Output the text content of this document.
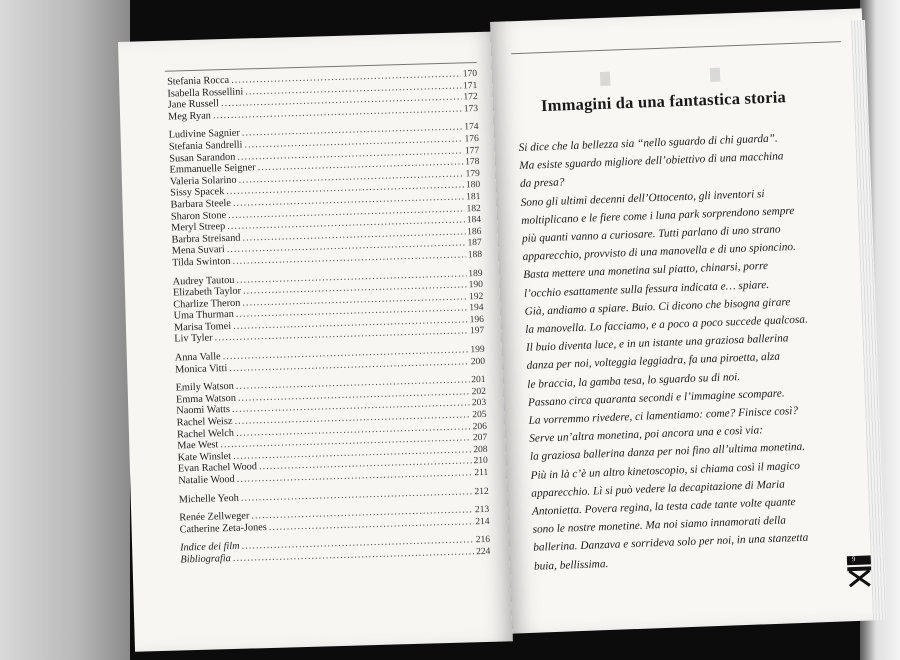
Stefania Rocca
.....
170
Isabella Rossellini
.....
171
Jane Russell
.....
172
Meg Ryan
.....
173
Ludivine Sagnier
.....
174
Stefania Sandrelli
.....
176
Susan Sarandon
.....
177
Emmanuelle Seigner
.....
178
Valeria Solarino
.....
179
Sissy Spacek
.....
180
Barbara Steele
.....
181
Sharon Stone
.....
182
Meryl Streep
.....
184
Barbra Streisand
.....
186
Mena Suvari
.....
187
Tilda Swinton
.....
188
Audrey Tautou
.....
189
Elizabeth Taylor
.....
190
Charlize Theron
.....
192
Uma Thurman
.....
194
Marisa Tomei
.....
196
Liv Tyler
.....
197
Anna Valle
.....
199
Monica Vitti
.....
200
Emily Watson
.....
201
Emma Watson
.....
202
Naomi Watts
.....
203
Rachel Weisz
.....
205
Rachel Welch
.....
206
Mae West
.....
207
Kate Winslet
.....
208
Evan Rachel Wood
.....
210
Natalie Wood
.....
211
Michelle Yeoh
.....
212
Renée Zellweger
.....
213
Catherine Zeta-Jones
.....
214
Indice dei film
.....
216
Bibliografia
.....
224
Immagini da una fantastica storia

Si dice che la bellezza sia “nello sguardo di chi guarda”.

Ma esiste sguardo migliore dell’obiettivo di una macchina

da presa?

Sono gli ultimi decenni dell’Ottocento, gli inventori si

moltiplicano e le fiere come i luna park sorprendono sempre

più quanti vanno a curiosare. Tutti parlano di uno strano

apparecchio, provvisto di una manovella e di uno spioncino.

Basta mettere una monetina sul piatto, chinarsi, porre

l’occhio esattamente sulla fessura indicata e… spiare.

Già, andiamo a spiare. Buio. Ci dicono che bisogna girare

la manovella. Lo facciamo, e a poco a poco succede qualcosa.

Il buio diventa luce, e in un istante una graziosa ballerina

danza per noi, volteggia leggiadra, fa una piroetta, alza

le braccia, la gamba tesa, lo sguardo su di noi.

Passano circa quaranta secondi e l’immagine scompare.

La vorremmo rivedere, ci lamentiamo: come? Finisce così?

Serve un’altra monetina, poi ancora una e così via:

la graziosa ballerina danza per noi fino all’ultima monetina.

Più in là c’è un altro kinetoscopio, si chiama così il magico

apparecchio. Lì si può vedere la decapitazione di Maria

Antonietta. Povera regina, la testa cade tante volte quante

sono le nostre monetine. Ma noi siamo innamorati della

ballerina. Danzava e sorrideva solo per noi, in una stanzetta

buia, bellissima.	9
